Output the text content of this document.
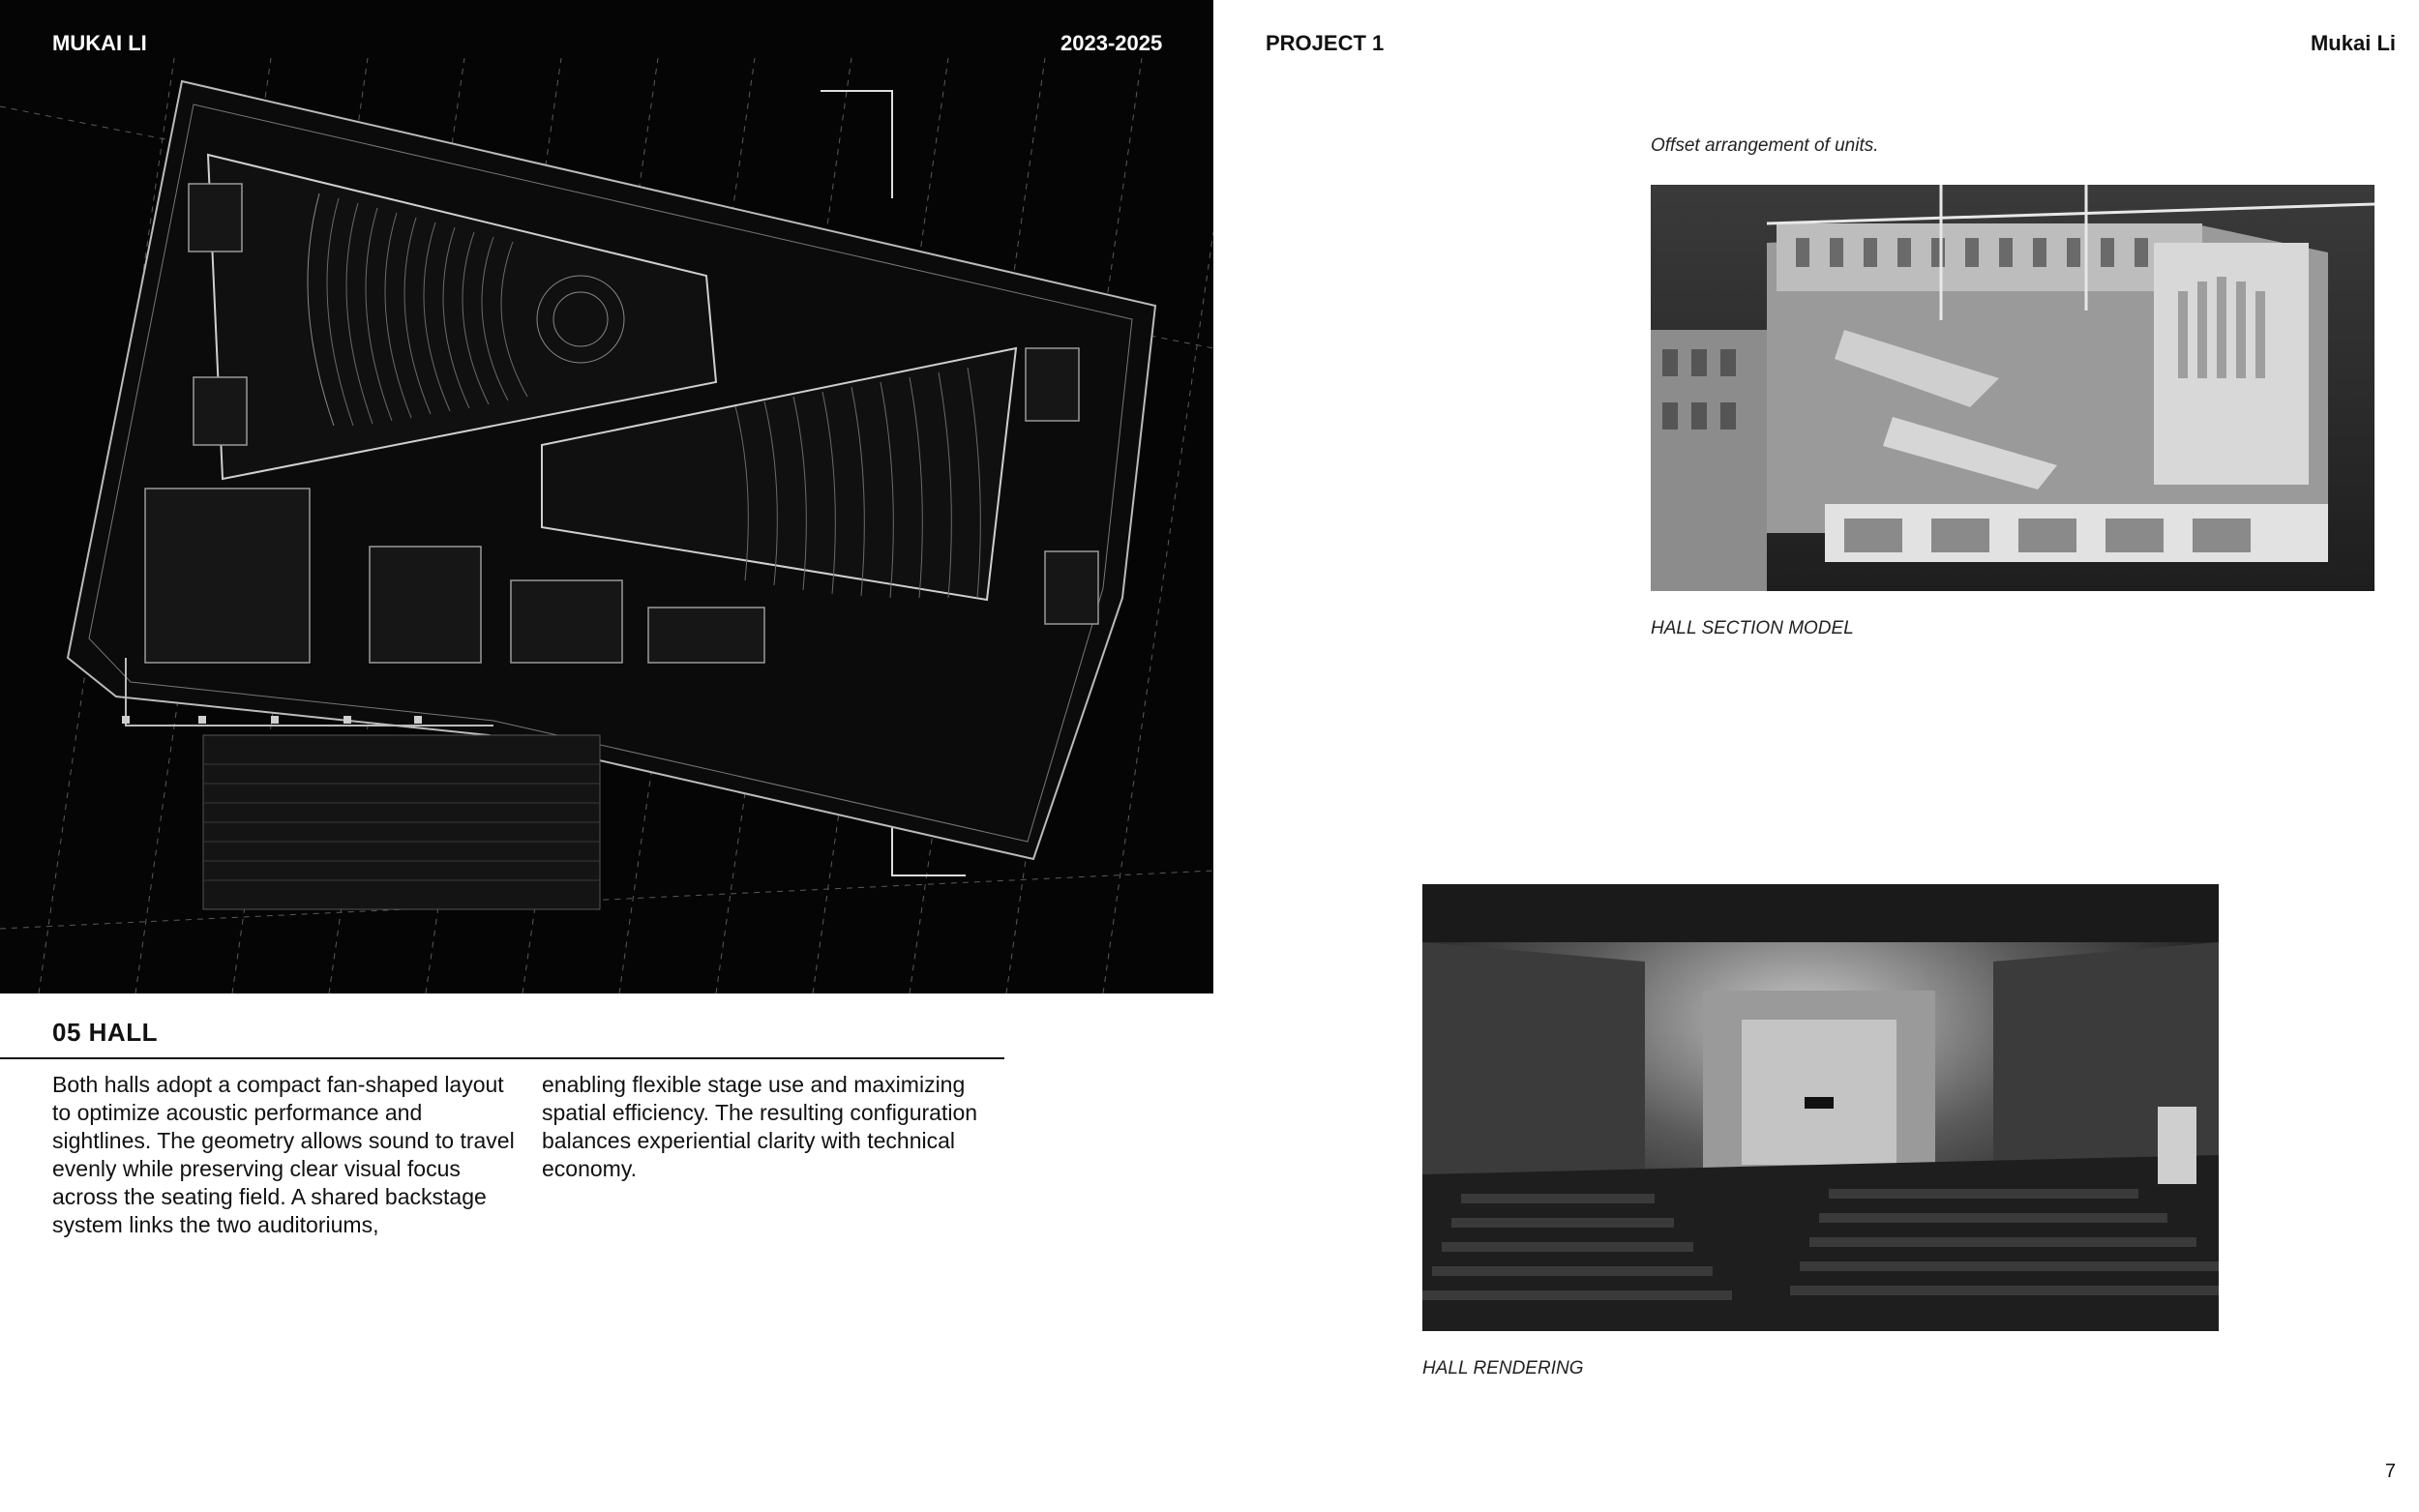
MUKAI LI	2023-2025	PROJECT 1	Mukai Li
05 HALL
Both halls adopt a compact fan-shaped layout to optimize acoustic performance and sightlines. The geometry allows sound to travel evenly while preserving clear visual focus across the seating field. A shared backstage system links the two auditoriums,
enabling flexible stage use and maximizing spatial efficiency. The resulting configuration balances experiential clarity with technical economy.
Offset arrangement of units.
HALL SECTION MODEL
HALL RENDERING
7
